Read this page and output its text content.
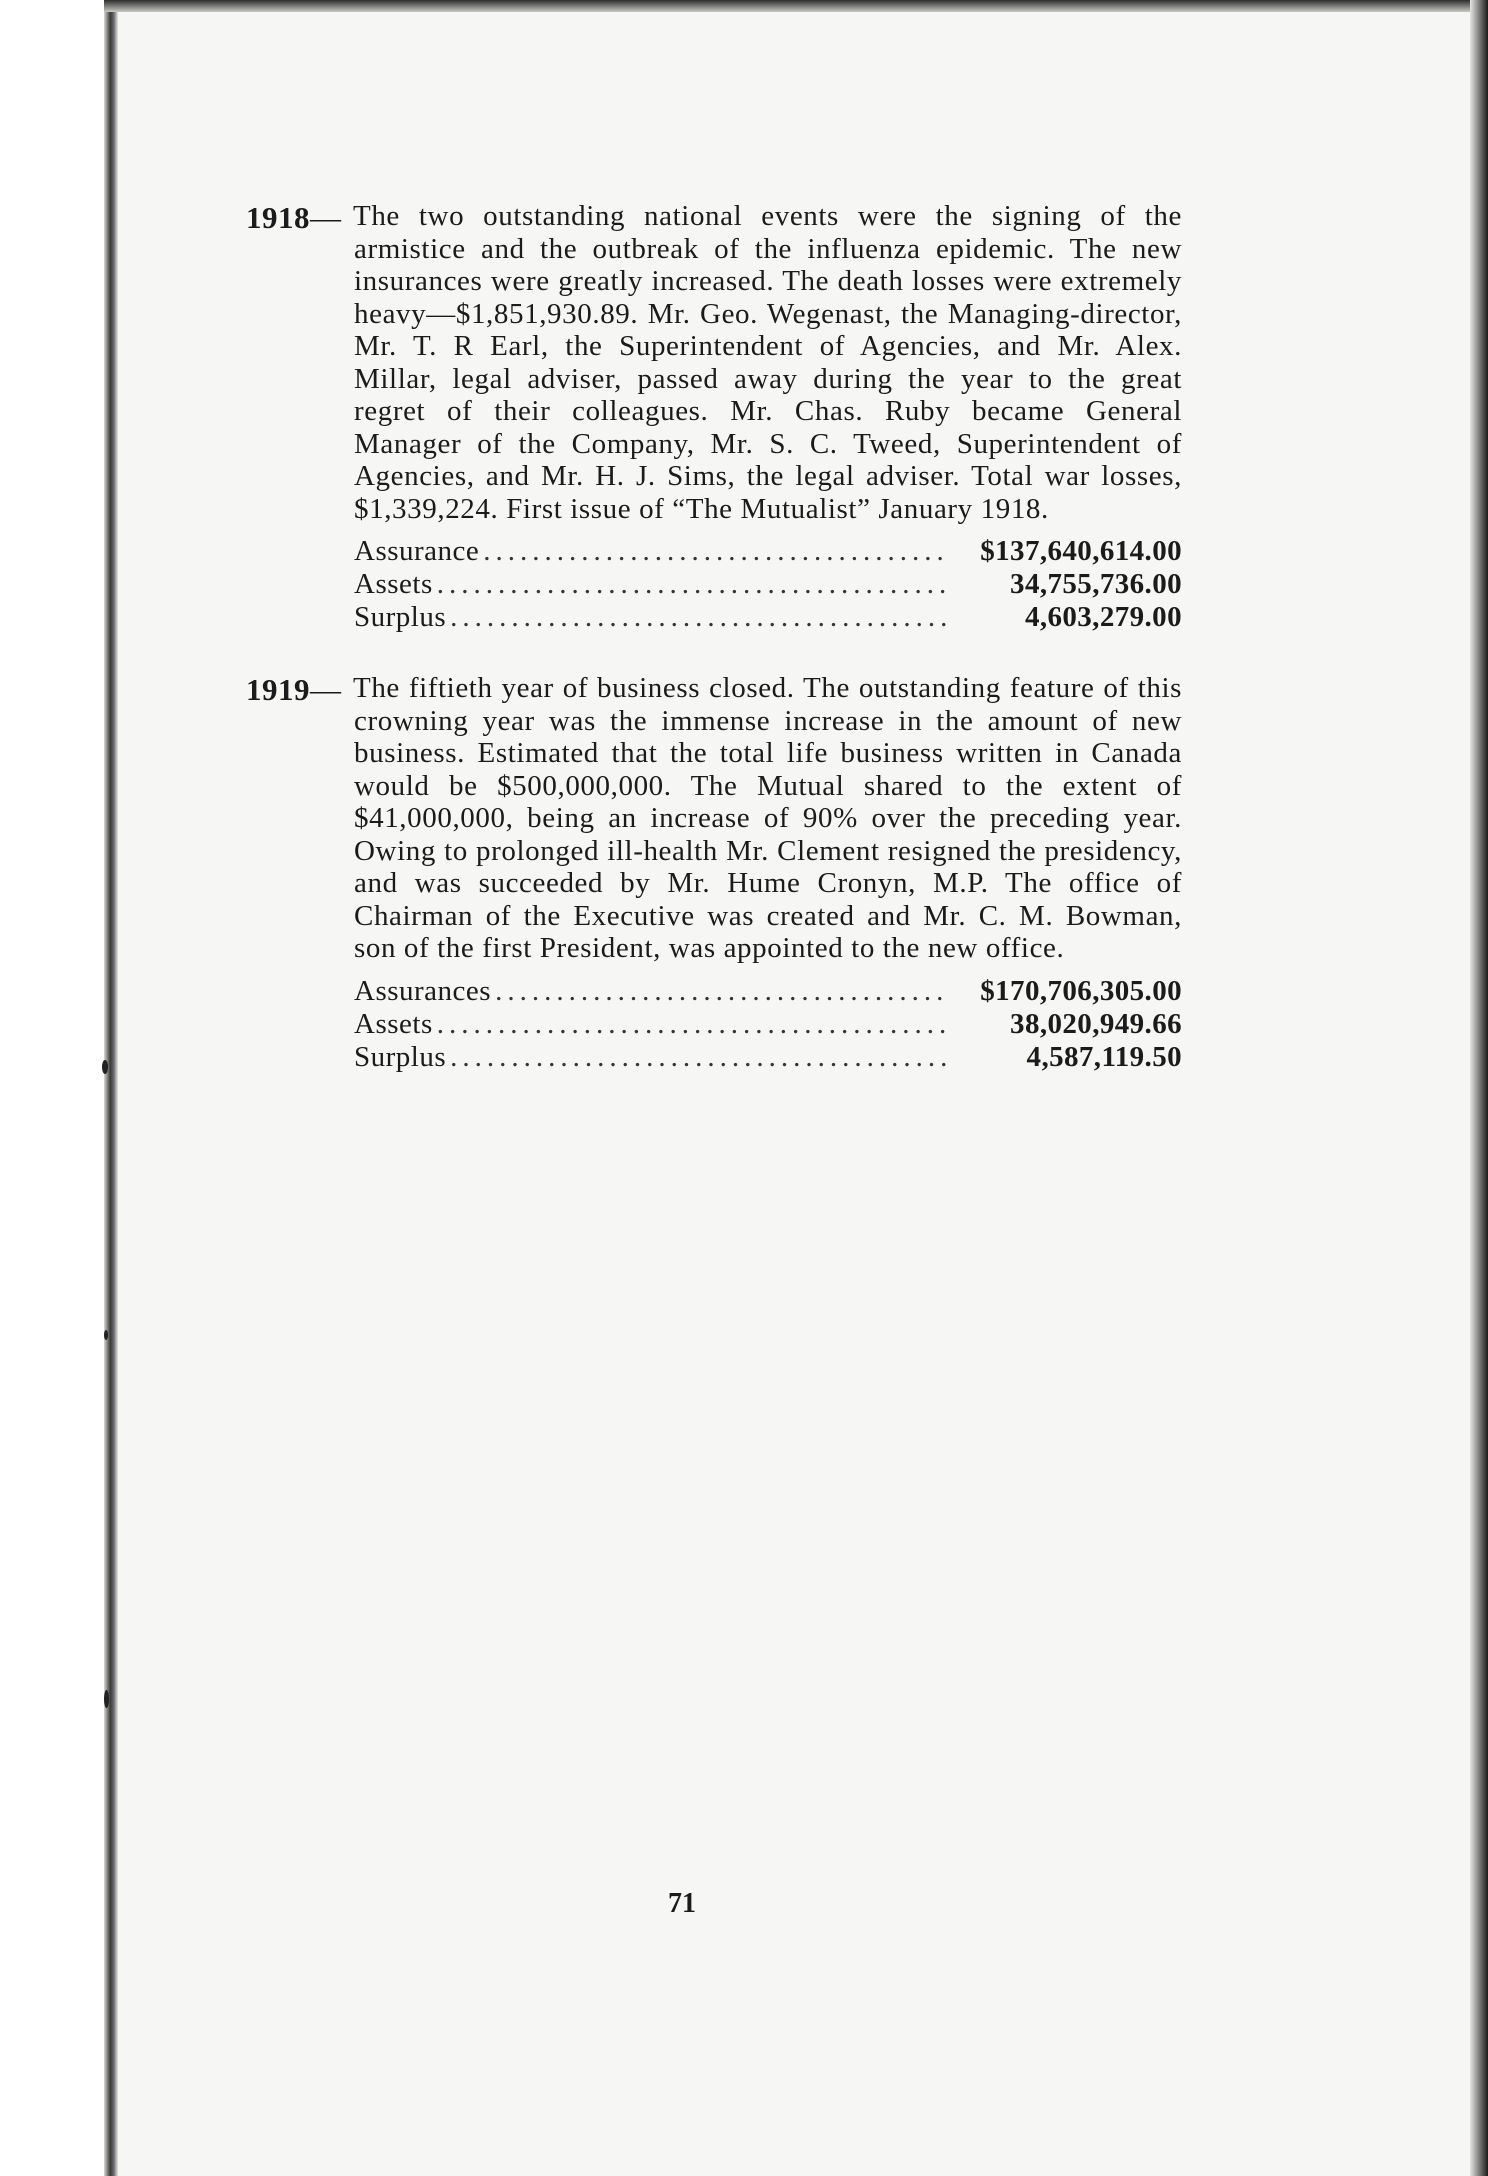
1918— The two outstanding national events were the signing of the armistice and the outbreak of the influenza epidemic. The new insurances were greatly increased. The death losses were extremely heavy—$1,851,930.89. Mr. Geo. Wegenast, the Managing-director, Mr. T. R Earl, the Superintendent of Agencies, and Mr. Alex. Millar, legal adviser, passed away during the year to the great regret of their colleagues. Mr. Chas. Ruby became General Manager of the Company, Mr. S. C. Tweed, Superintendent of Agencies, and Mr. H. J. Sims, the legal adviser. Total war losses, $1,339,224. First issue of “The Mutualist” January 1918.
Assurance .....	$137,640,614.00
Assets .....	34,755,736.00
Surplus .....	4,603,279.00
1919— The fiftieth year of business closed. The outstanding feature of this crowning year was the immense increase in the amount of new business. Estimated that the total life business written in Canada would be $500,000,000. The Mutual shared to the extent of $41,000,000, being an increase of 90% over the preceding year. Owing to prolonged ill-health Mr. Clement resigned the presidency, and was succeeded by Mr. Hume Cronyn, M.P. The office of Chairman of the Executive was created and Mr. C. M. Bowman, son of the first President, was appointed to the new office.
Assurances .....	$170,706,305.00
Assets .....	38,020,949.66
Surplus .....	4,587,119.50
71
